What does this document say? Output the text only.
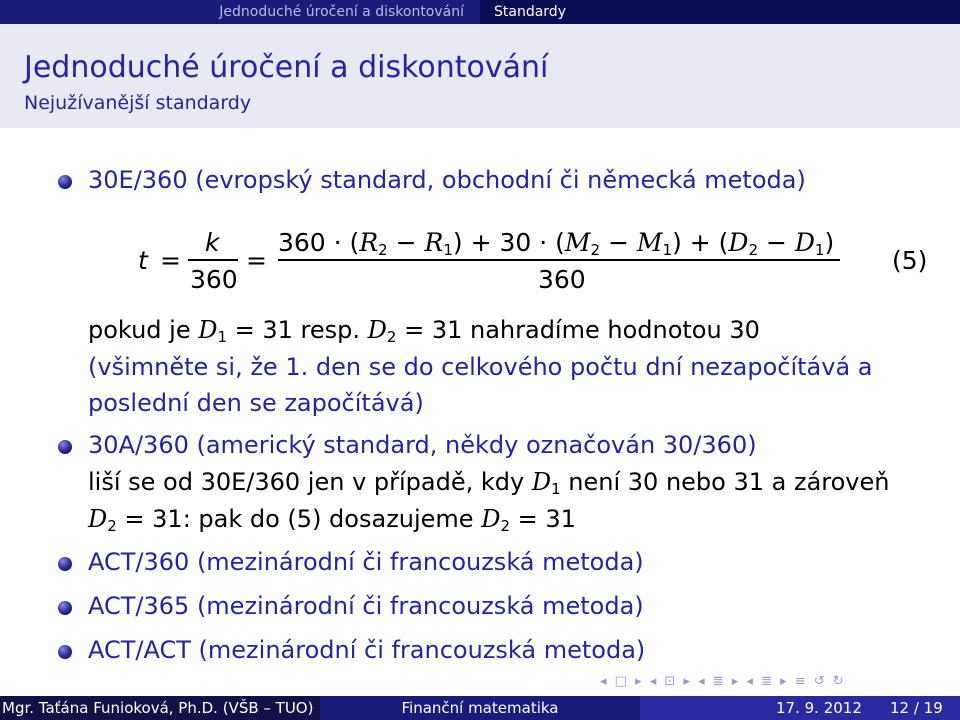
Jednoduché úročení a diskontování	Standardy
Jednoduché úročení a diskontování
Nejužívanější standardy
30E/360 (evropský standard, obchodní či německá metoda)
t =
k
360
=
$360 \cdot (R_2 - R_1) + 30 \cdot (M_2 - M_1) + (D_2 - D_1)$
360
(5)
pokud je $D_1 = 31$ resp. $D_2 = 31$ nahradíme hodnotou 30
(všimněte si, že 1. den se do celkového počtu dní nezapočítává a
poslední den se započítává)
30A/360 (americký standard, někdy označován 30/360)
liší se od 30E/360 jen v případě, kdy $D_1$ není 30 nebo 31 a zároveň
$D_2 = 31$: pak do (5) dosazujeme $D_2 = 31$
ACT/360 (mezinárodní či francouzská metoda)
ACT/365 (mezinárodní či francouzská metoda)
ACT/ACT (mezinárodní či francouzská metoda)
◂ □ ▸ ◂ ⊡ ▸ ◂ ≣ ▸ ◂ ≣ ▸ ≡ ↺ ↻
Mgr. Taťána Funioková, Ph.D. (VŠB – TUO)	Finanční matematika	17. 9. 2012 12 / 19
